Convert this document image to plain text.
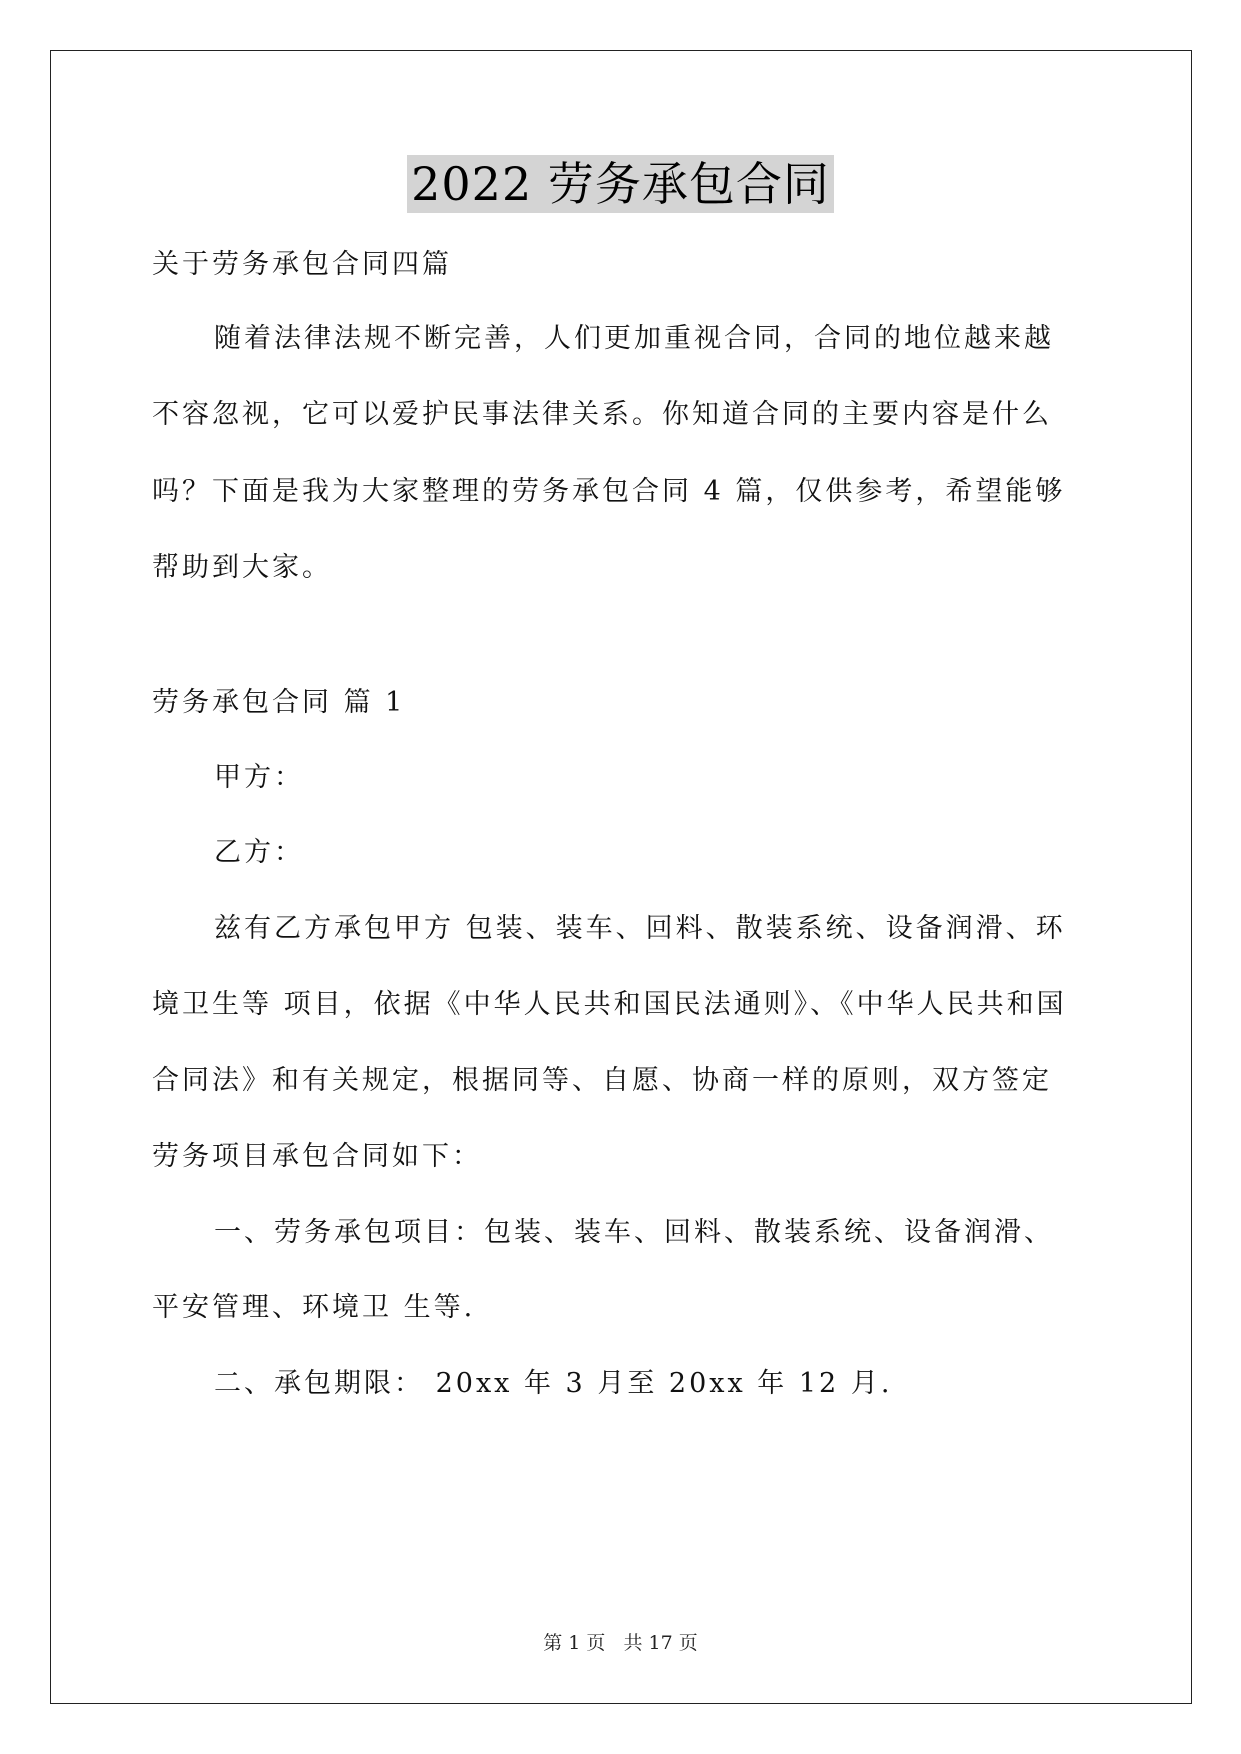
2022 劳务承包合同
关于劳务承包合同四篇
随着法律法规不断完善，人们更加重视合同，合同的地位越来越
不容忽视，它可以爱护民事法律关系。你知道合同的主要内容是什么
吗？下面是我为大家整理的劳务承包合同 4 篇，仅供参考，希望能够
帮助到大家。
劳务承包合同 篇 1
甲方：
乙方：
兹有乙方承包甲方 包装、装车、回料、散装系统、设备润滑、环
境卫生等 项目，依据《中华人民共和国民法通则》、《中华人民共和国
合同法》和有关规定，根据同等、自愿、协商一样的原则，双方签定
劳务项目承包合同如下：
一、劳务承包项目：包装、装车、回料、散装系统、设备润滑、
平安管理、环境卫 生等.
二、承包期限： 20xx 年 3 月至 20xx 年 12 月.
第 1 页 共 17 页
